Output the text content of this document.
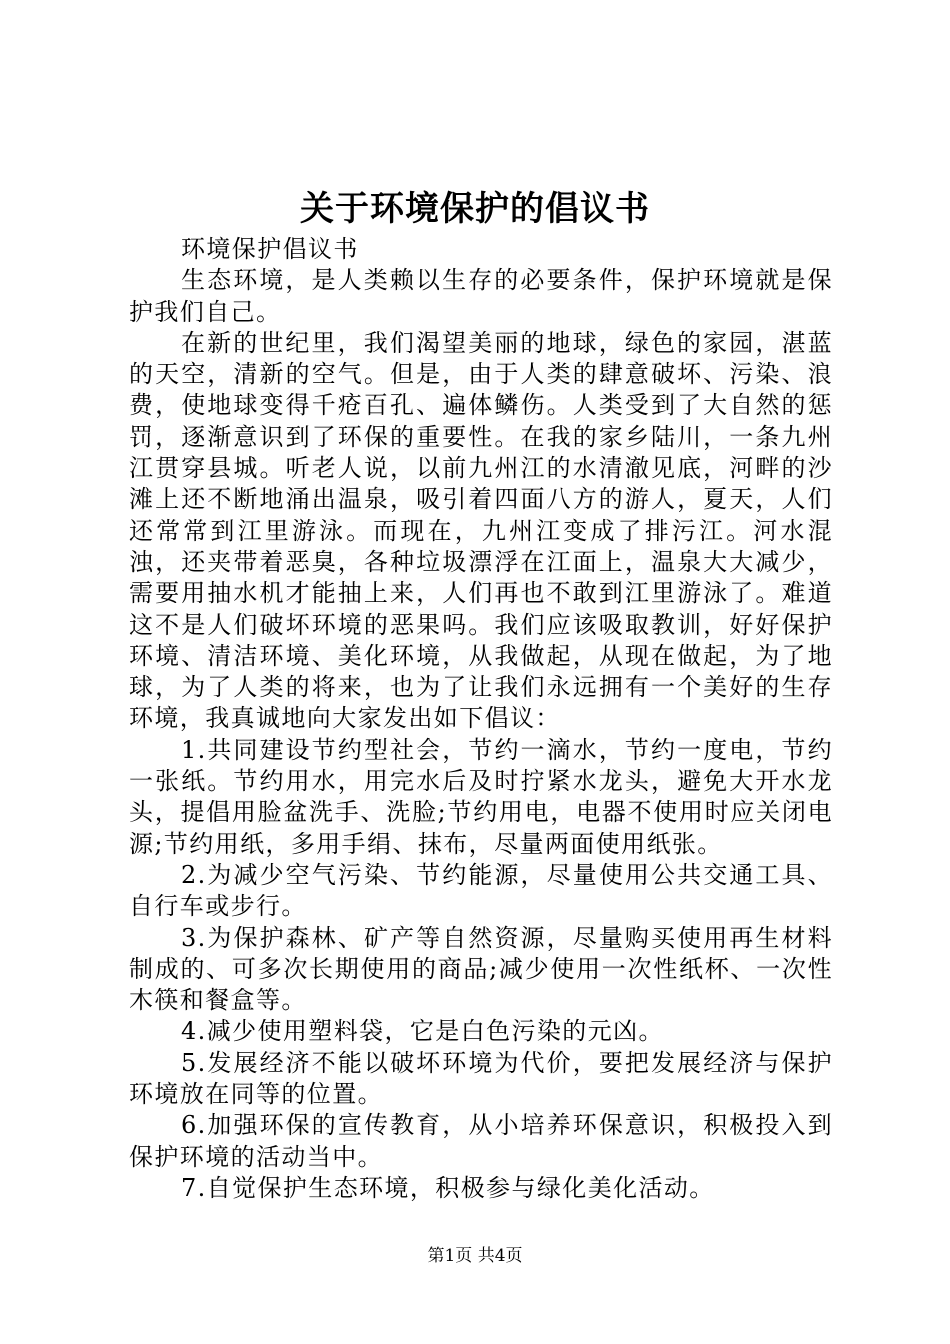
关于环境保护的倡议书

环境保护倡议书

生态环境，是人类赖以生存的必要条件，保护环境就是保护我们自己。

在新的世纪里，我们渴望美丽的地球，绿色的家园，湛蓝的天空，清新的空气。但是，由于人类的肆意破坏、污染、浪费，使地球变得千疮百孔、遍体鳞伤。人类受到了大自然的惩罚，逐渐意识到了环保的重要性。在我的家乡陆川，一条九州江贯穿县城。听老人说，以前九州江的水清澈见底，河畔的沙滩上还不断地涌出温泉，吸引着四面八方的游人，夏天，人们还常常到江里游泳。而现在，九州江变成了排污江。河水混浊，还夹带着恶臭，各种垃圾漂浮在江面上，温泉大大减少，需要用抽水机才能抽上来，人们再也不敢到江里游泳了。难道这不是人们破坏环境的恶果吗。我们应该吸取教训，好好保护环境、清洁环境、美化环境，从我做起，从现在做起，为了地球，为了人类的将来，也为了让我们永远拥有一个美好的生存环境，我真诚地向大家发出如下倡议：

1.共同建设节约型社会，节约一滴水，节约一度电，节约一张纸。节约用水，用完水后及时拧紧水龙头，避免大开水龙头，提倡用脸盆洗手、洗脸;节约用电，电器不使用时应关闭电源;节约用纸，多用手绢、抹布，尽量两面使用纸张。

2.为减少空气污染、节约能源，尽量使用公共交通工具、自行车或步行。

3.为保护森林、矿产等自然资源，尽量购买使用再生材料制成的、可多次长期使用的商品;减少使用一次性纸杯、一次性木筷和餐盒等。

4.减少使用塑料袋，它是白色污染的元凶。

5.发展经济不能以破坏环境为代价，要把发展经济与保护环境放在同等的位置。

6.加强环保的宣传教育，从小培养环保意识，积极投入到保护环境的活动当中。

7.自觉保护生态环境，积极参与绿化美化活动。

第1页 共4页
